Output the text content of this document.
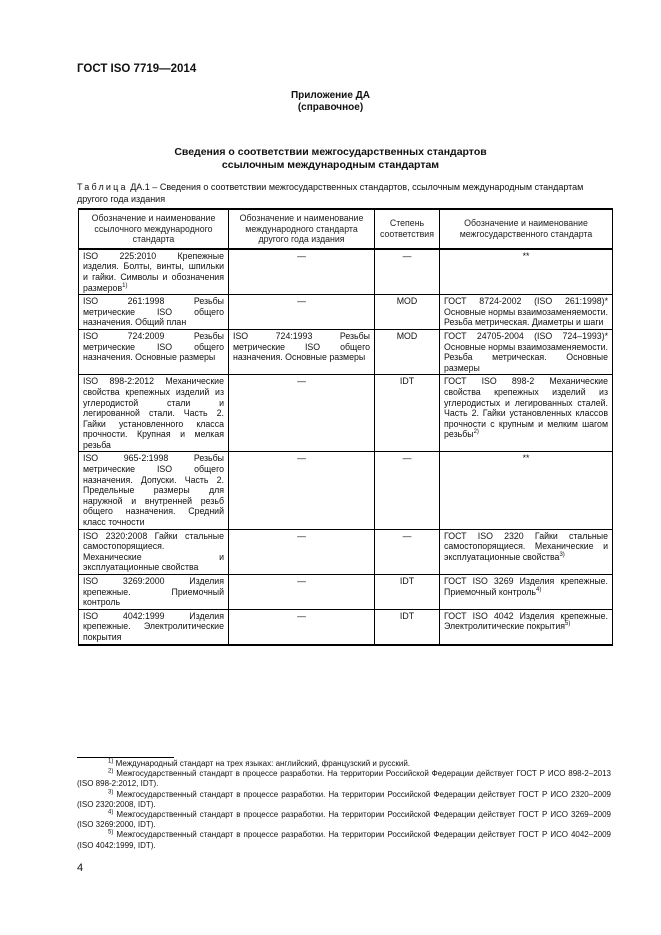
ГОСТ ISO 7719—2014
Приложение ДА
(справочное)
Сведения о соответствии межгосударственных стандартов
ссылочным международным стандартам
Таблица ДА.1 – Сведения о соответствии межгосударственных стандартов, ссылочным международным стандартам другого года издания
Обозначение и наименование ссылочного международного стандарта	Обозначение и наименование международного стандарта другого года издания	Степень соответствия	Обозначение и наименование межгосударственного стандарта
ISO 225:2010 Крепежные изделия. Болты, винты, шпильки и гайки. Символы и обозначения размеров$^{1)}$	—	—	**
ISO 261:1998 Резьбы метрические ISO общего назначения. Общий план	—	MOD	ГОСТ 8724-2002 (ISO 261:1998)* Основные нормы взаимозаменяемости. Резьба метрическая. Диаметры и шаги
ISO 724:2009 Резьбы метрические ISO общего назначения. Основные размеры	ISO 724:1993 Резьбы метрические ISO общего назначения. Основные размеры	MOD	ГОСТ 24705-2004 (ISO 724–1993)* Основные нормы взаимозаменяемости. Резьба метрическая. Основные размеры
ISO 898-2:2012 Механические свойства крепежных изделий из углеродистой стали и легированной стали. Часть 2. Гайки установленного класса прочности. Крупная и мелкая резьба	—	IDT	ГОСТ ISO 898-2 Механические свойства крепежных изделий из углеродистых и легированных сталей. Часть 2. Гайки установленных классов прочности с крупным и мелким шагом резьбы$^{2)}$
ISO 965-2:1998 Резьбы метрические ISO общего назначения. Допуски. Часть 2. Предельные размеры для наружной и внутренней резьб общего назначения. Средний класс точности	—	—	**
ISO 2320:2008 Гайки стальные самостопорящиеся. Механические и эксплуатационные свойства	—	—	ГОСТ ISO 2320 Гайки стальные самостопорящиеся. Механические и эксплуатационные свойства$^{3)}$
ISO 3269:2000 Изделия крепежные. Приемочный контроль	—	IDT	ГОСТ ISO 3269 Изделия крепежные. Приемочный контроль$^{4)}$
ISO 4042:1999 Изделия крепежные. Электролитические покрытия	—	IDT	ГОСТ ISO 4042 Изделия крепежные. Электролитические покрытия$^{5)}$
$^{1)}$ Международный стандарт на трех языках: английский, французский и русский.
$^{2)}$ Межгосударственный стандарт в процессе разработки. На территории Российской Федерации действует ГОСТ Р ИСО 898-2–2013 (ISO 898-2:2012, IDT).
$^{3)}$ Межгосударственный стандарт в процессе разработки. На территории Российской Федерации действует ГОСТ Р ИСО 2320–2009 (ISO 2320:2008, IDT).
$^{4)}$ Межгосударственный стандарт в процессе разработки. На территории Российской Федерации действует ГОСТ Р ИСО 3269–2009 (ISO 3269:2000, IDT).
$^{5)}$ Межгосударственный стандарт в процессе разработки. На территории Российской Федерации действует ГОСТ Р ИСО 4042–2009 (ISO 4042:1999, IDT).
4
